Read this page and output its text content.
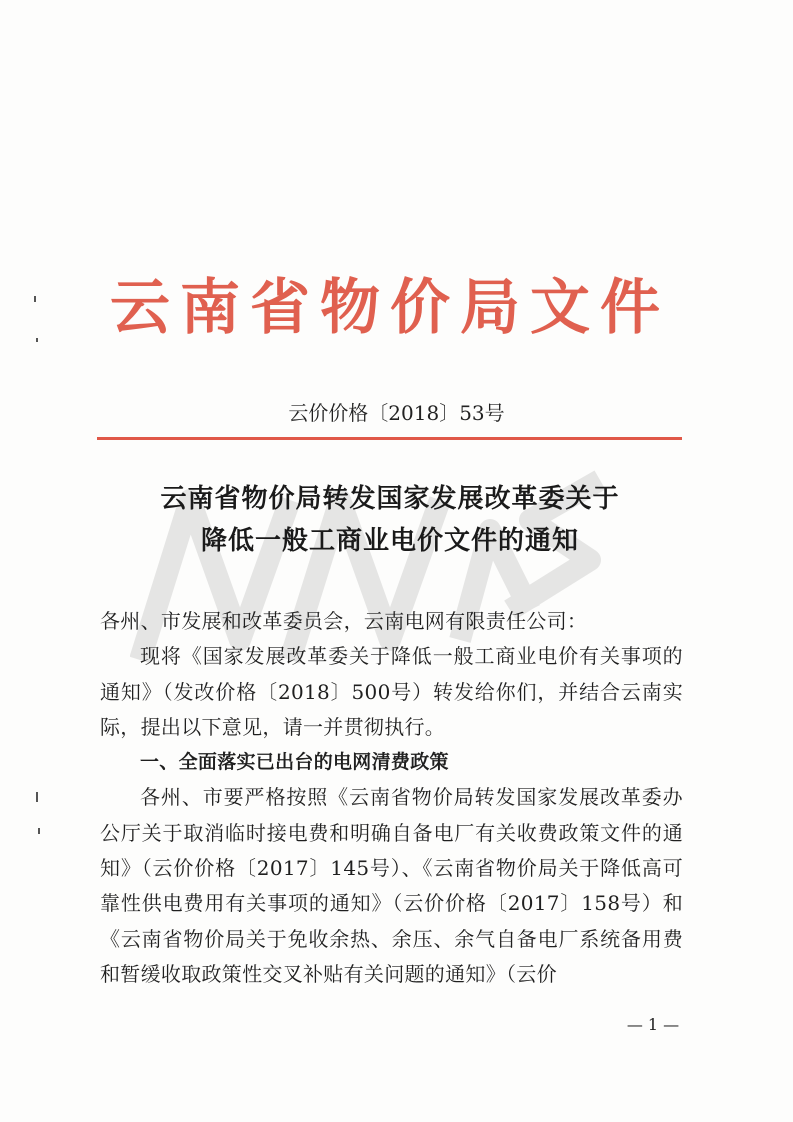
云南省物价局文件
云价价格〔2018〕53号
云南省物价局转发国家发展改革委关于
降低一般工商业电价文件的通知

各州、市发展和改革委员会，云南电网有限责任公司：

现将《国家发展改革委关于降低一般工商业电价有关事项的通知》（发改价格〔2018〕500号）转发给你们，并结合云南实际，提出以下意见，请一并贯彻执行。

一、全面落实已出台的电网清费政策

各州、市要严格按照《云南省物价局转发国家发展改革委办公厅关于取消临时接电费和明确自备电厂有关收费政策文件的通知》（云价价格〔2017〕145号）、《云南省物价局关于降低高可靠性供电费用有关事项的通知》（云价价格〔2017〕158号）和《云南省物价局关于免收余热、余压、余气自备电厂系统备用费和暂缓收取政策性交叉补贴有关问题的通知》（云价

— 1 —
